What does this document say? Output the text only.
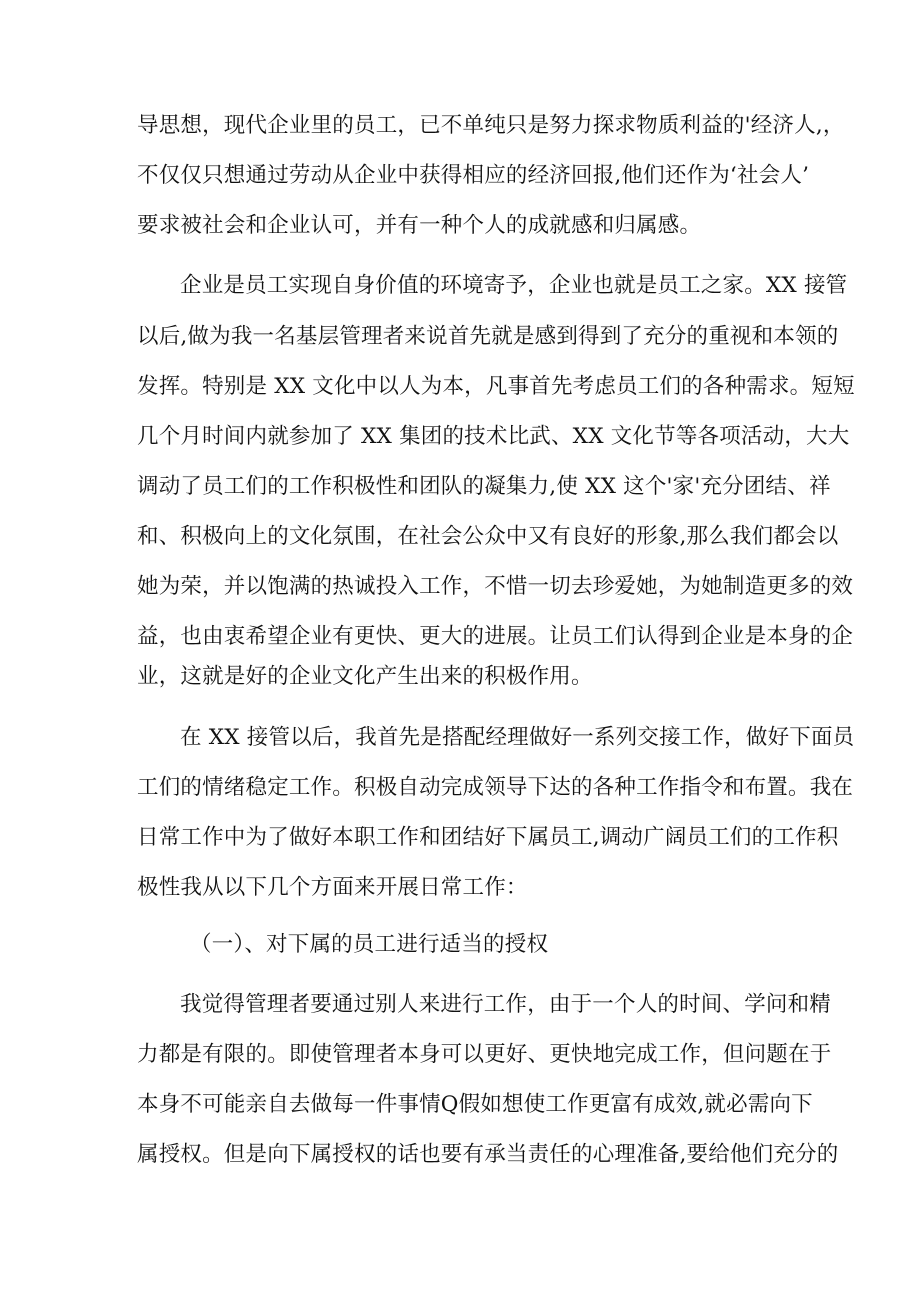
导思想，现代企业里的员工，已不单纯只是努力探求物质利益的'经济人,，
不仅仅只想通过劳动从企业中获得相应的经济回报,他们还作为‘社会人’
要求被社会和企业认可，并有一种个人的成就感和归属感。
企业是员工实现自身价值的环境寄予，企业也就是员工之家。XX 接管
以后,做为我一名基层管理者来说首先就是感到得到了充分的重视和本领的
发挥。特别是 XX 文化中以人为本，凡事首先考虑员工们的各种需求。短短
几个月时间内就参加了 XX 集团的技术比武、XX 文化节等各项活动，大大
调动了员工们的工作积极性和团队的凝集力,使 XX 这个'家'充分团结、祥
和、积极向上的文化氛围，在社会公众中又有良好的形象,那么我们都会以
她为荣，并以饱满的热诚投入工作，不惜一切去珍爱她，为她制造更多的效
益，也由衷希望企业有更快、更大的进展。让员工们认得到企业是本身的企
业，这就是好的企业文化产生出来的积极作用。
在 XX 接管以后，我首先是搭配经理做好一系列交接工作，做好下面员
工们的情绪稳定工作。积极自动完成领导下达的各种工作指令和布置。我在
日常工作中为了做好本职工作和团结好下属员工,调动广阔员工们的工作积
极性我从以下几个方面来开展日常工作：
（一）、对下属的员工进行适当的授权
我觉得管理者要通过别人来进行工作，由于一个人的时间、学问和精
力都是有限的。即使管理者本身可以更好、更快地完成工作，但问题在于
本身不可能亲自去做每一件事情Q假如想使工作更富有成效,就必需向下
属授权。但是向下属授权的话也要有承当责任的心理准备,要给他们充分的
